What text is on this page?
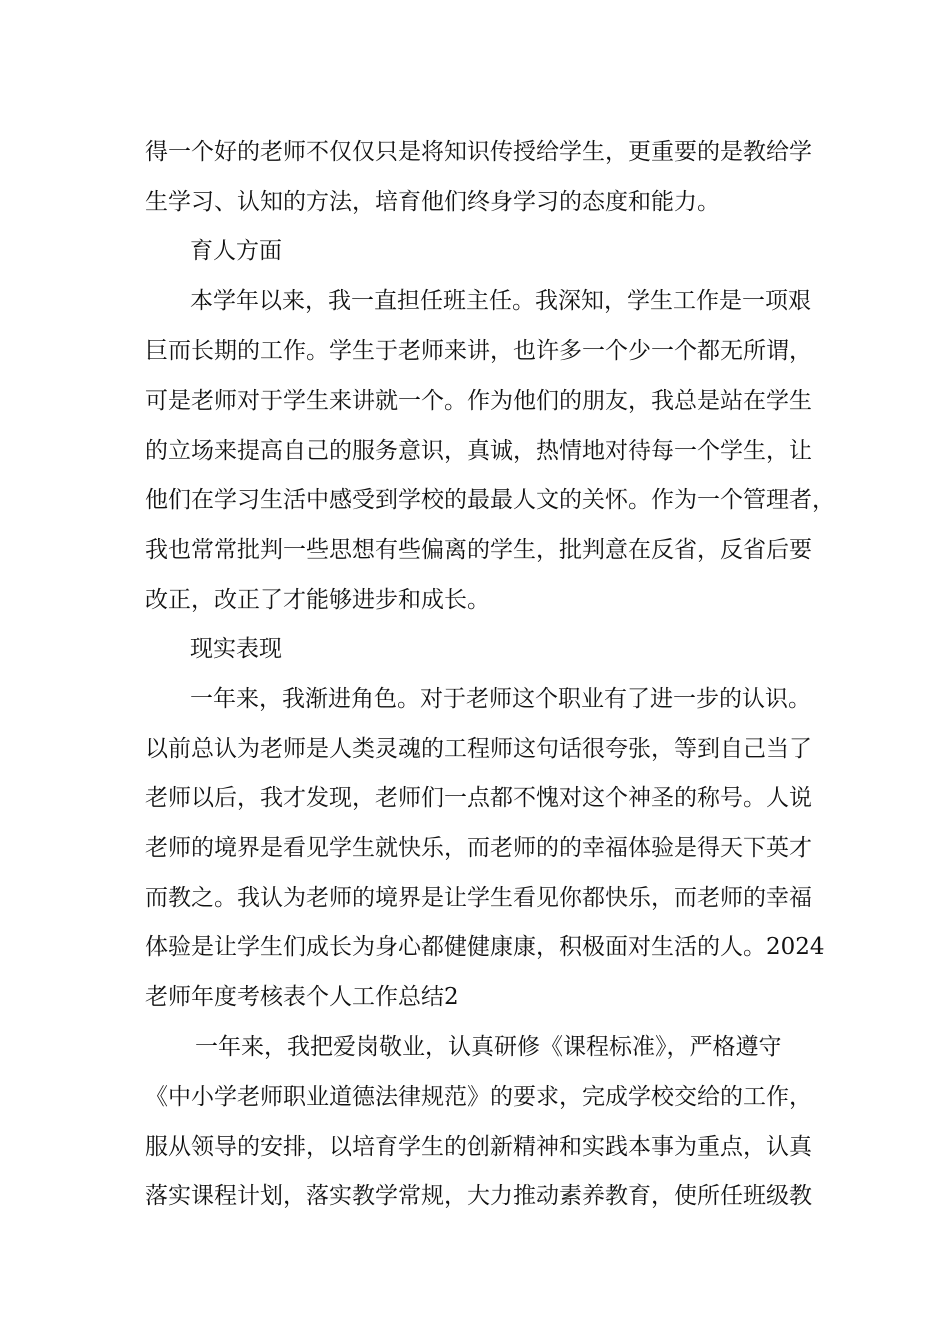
得一个好的老师不仅仅只是将知识传授给学生，更重要的是教给学
生学习、认知的方法，培育他们终身学习的态度和能力。
育人方面
本学年以来，我一直担任班主任。我深知，学生工作是一项艰
巨而长期的工作。学生于老师来讲，也许多一个少一个都无所谓，
可是老师对于学生来讲就一个。作为他们的朋友，我总是站在学生
的立场来提高自己的服务意识，真诚，热情地对待每一个学生，让
他们在学习生活中感受到学校的最最人文的关怀。作为一个管理者，
我也常常批判一些思想有些偏离的学生，批判意在反省，反省后要
改正，改正了才能够进步和成长。
现实表现
一年来，我渐进角色。对于老师这个职业有了进一步的认识。
以前总认为老师是人类灵魂的工程师这句话很夸张，等到自己当了
老师以后，我才发现，老师们一点都不愧对这个神圣的称号。人说
老师的境界是看见学生就快乐，而老师的的幸福体验是得天下英才
而教之。我认为老师的境界是让学生看见你都快乐，而老师的幸福
体验是让学生们成长为身心都健健康康，积极面对生活的人。2024
老师年度考核表个人工作总结2
一年来，我把爱岗敬业，认真研修《课程标准》，严格遵守
《中小学老师职业道德法律规范》的要求，完成学校交给的工作，
服从领导的安排，以培育学生的创新精神和实践本事为重点，认真
落实课程计划，落实教学常规，大力推动素养教育，使所任班级教
